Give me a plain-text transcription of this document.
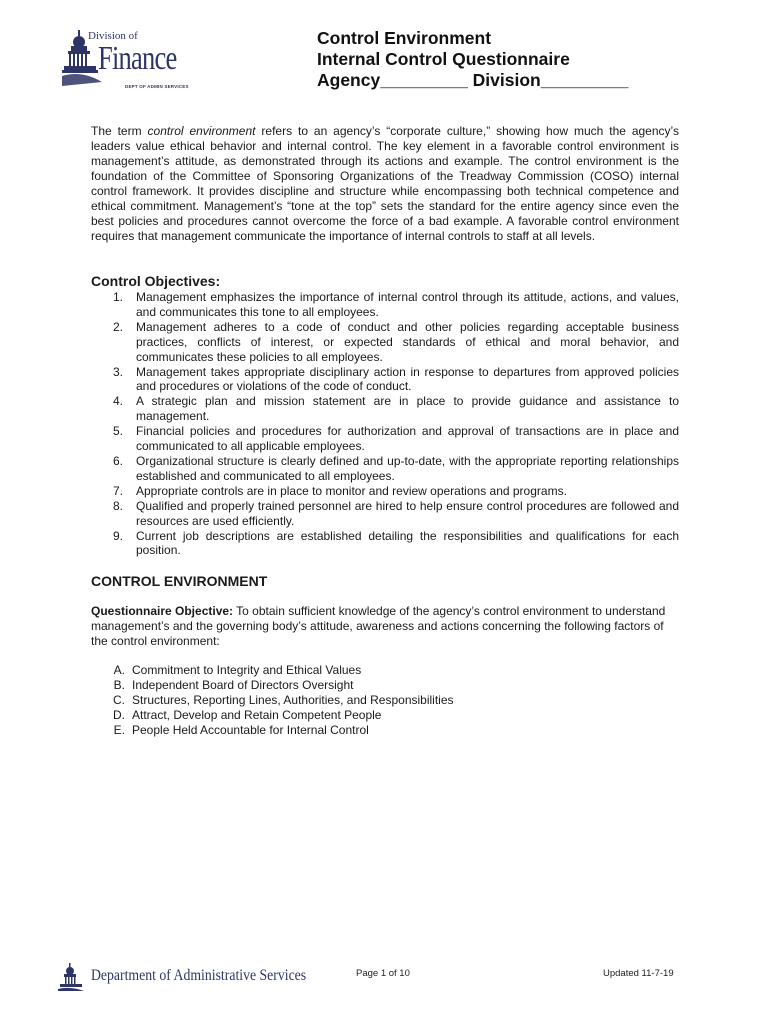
Division of
Finance
DEPT OF ADMIN SERVICES
Control Environment
Internal Control Questionnaire
Agency_________ Division_________

The term control environment refers to an agency’s “corporate culture,” showing how much the agency’s leaders value ethical behavior and internal control. The key element in a favorable control environment is management’s attitude, as demonstrated through its actions and example. The control environment is the foundation of the Committee of Sponsoring Organizations of the Treadway Commission (COSO) internal control framework. It provides discipline and structure while encompassing both technical competence and ethical commitment. Management’s “tone at the top” sets the standard for the entire agency since even the best policies and procedures cannot overcome the force of a bad example. A favorable control environment requires that management communicate the importance of internal controls to staff at all levels.

Control Objectives:
1. Management emphasizes the importance of internal control through its attitude, actions, and values, and communicates this tone to all employees.
2. Management adheres to a code of conduct and other policies regarding acceptable business practices, conflicts of interest, or expected standards of ethical and moral behavior, and communicates these policies to all employees.
3. Management takes appropriate disciplinary action in response to departures from approved policies and procedures or violations of the code of conduct.
4. A strategic plan and mission statement are in place to provide guidance and assistance to management.
5. Financial policies and procedures for authorization and approval of transactions are in place and communicated to all applicable employees.
6. Organizational structure is clearly defined and up-to-date, with the appropriate reporting relationships established and communicated to all employees.
7. Appropriate controls are in place to monitor and review operations and programs.
8. Qualified and properly trained personnel are hired to help ensure control procedures are followed and resources are used efficiently.
9. Current job descriptions are established detailing the responsibilities and qualifications for each position.
CONTROL ENVIRONMENT

Questionnaire Objective: To obtain sufficient knowledge of the agency’s control environment to understand management’s and the governing body’s attitude, awareness and actions concerning the following factors of the control environment:

A. Commitment to Integrity and Ethical Values
B. Independent Board of Directors Oversight
C. Structures, Reporting Lines, Authorities, and Responsibilities
D. Attract, Develop and Retain Competent People
E. People Held Accountable for Internal Control
Department of Administrative Services	Page 1 of 10	Updated 11-7-19
